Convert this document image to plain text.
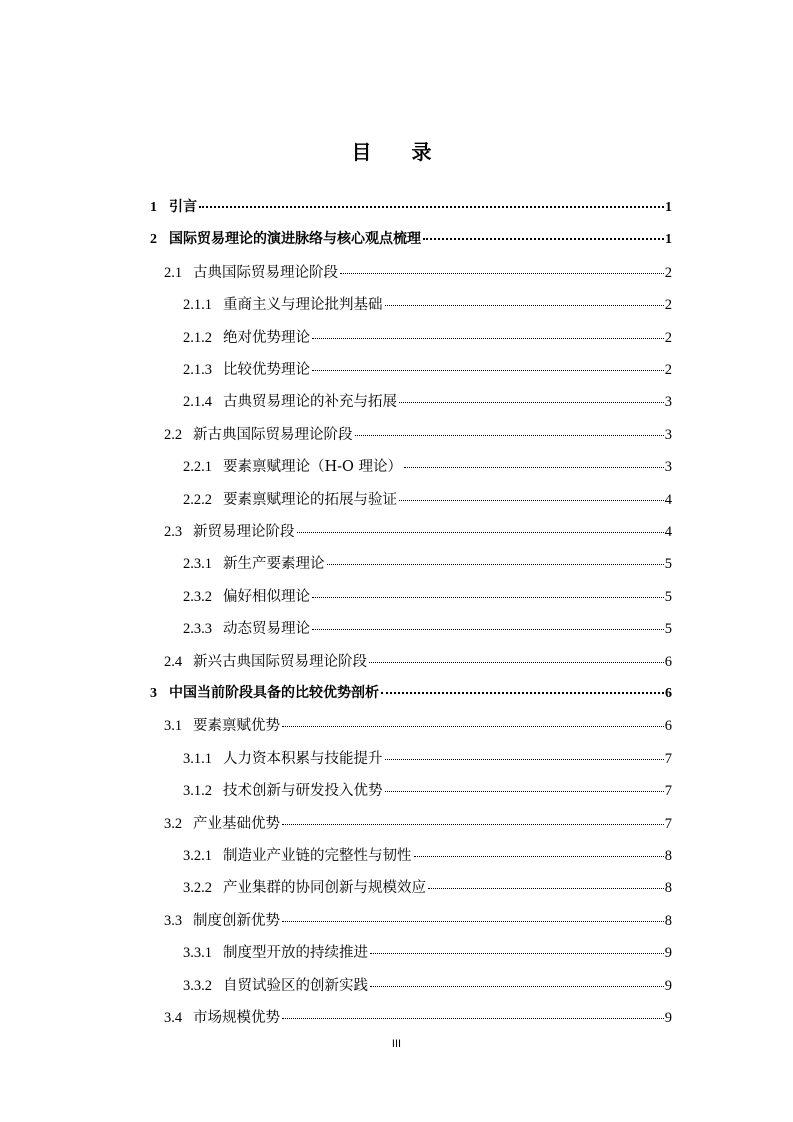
目　录
1 引言	1
2 国际贸易理论的演进脉络与核心观点梳理	1
2.1 古典国际贸易理论阶段	2
2.1.1 重商主义与理论批判基础	2
2.1.2 绝对优势理论	2
2.1.3 比较优势理论	2
2.1.4 古典贸易理论的补充与拓展	3
2.2 新古典国际贸易理论阶段	3
2.2.1 要素禀赋理论（H-O 理论）	3
2.2.2 要素禀赋理论的拓展与验证	4
2.3 新贸易理论阶段	4
2.3.1 新生产要素理论	5
2.3.2 偏好相似理论	5
2.3.3 动态贸易理论	5
2.4 新兴古典国际贸易理论阶段	6
3 中国当前阶段具备的比较优势剖析	6
3.1 要素禀赋优势	6
3.1.1 人力资本积累与技能提升	7
3.1.2 技术创新与研发投入优势	7
3.2 产业基础优势	7
3.2.1 制造业产业链的完整性与韧性	8
3.2.2 产业集群的协同创新与规模效应	8
3.3 制度创新优势	8
3.3.1 制度型开放的持续推进	9
3.3.2 自贸试验区的创新实践	9
3.4 市场规模优势	9
III
